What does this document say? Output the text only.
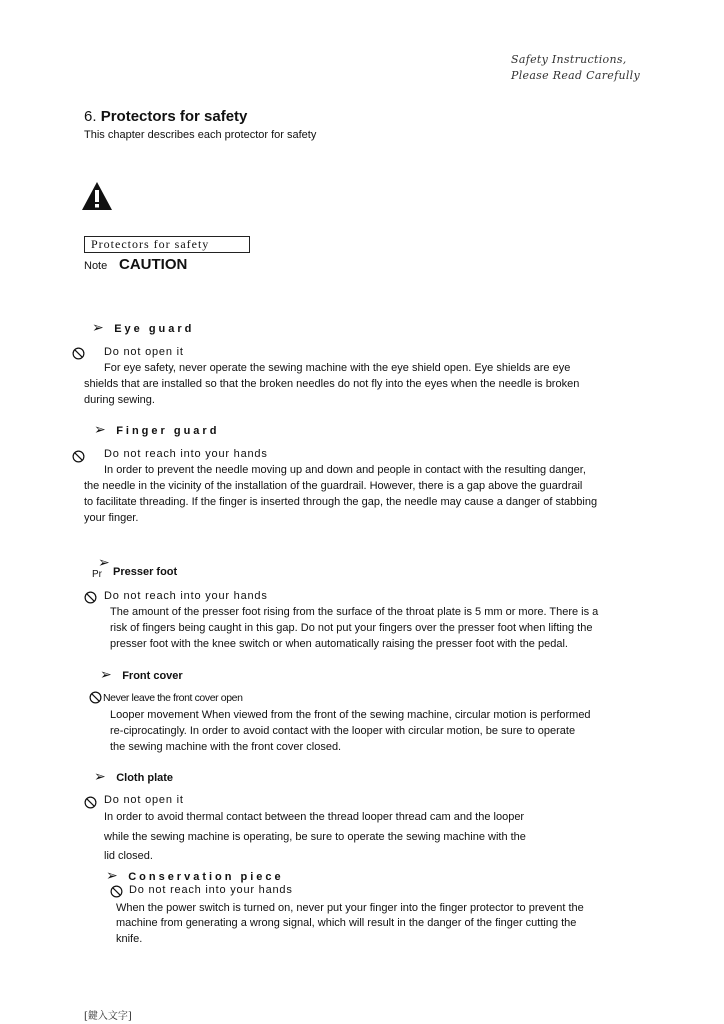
Safety Instructions,
Please Read Carefully
6. Protectors for safety
This chapter describes each protector for safety
Protectors for safety
Note CAUTION
➢ Eye guard
Do not open it
For eye safety, never operate the sewing machine with the eye shield open. Eye shields are eye
shields that are installed so that the broken needles do not fly into the eyes when the needle is broken
during sewing.
➢ Finger guard
Do not reach into your hands
In order to prevent the needle moving up and down and people in contact with the resulting danger,
the needle in the vicinity of the installation of the guardrail. However, there is a gap above the guardrail
to facilitate threading. If the finger is inserted through the gap, the needle may cause a danger of stabbing
your finger.
Pr
➢
Presser foot
Do not reach into your hands
The amount of the presser foot rising from the surface of the throat plate is 5 mm or more. There is a
risk of fingers being caught in this gap. Do not put your fingers over the presser foot when lifting the
presser foot with the knee switch or when automatically raising the presser foot with the pedal.
➢ Front cover
Never leave the front cover open
Looper movement When viewed from the front of the sewing machine, circular motion is performed
re-ciprocatingly. In order to avoid contact with the looper with circular motion, be sure to operate
the sewing machine with the front cover closed.
➢ Cloth plate
Do not open it
In order to avoid thermal contact between the thread looper thread cam and the looper
while the sewing machine is operating, be sure to operate the sewing machine with the
lid closed.
➢ Conservation piece
Do not reach into your hands
When the power switch is turned on, never put your finger into the finger protector to prevent the
machine from generating a wrong signal, which will result in the danger of the finger cutting the
knife.
[鍵入文字]
